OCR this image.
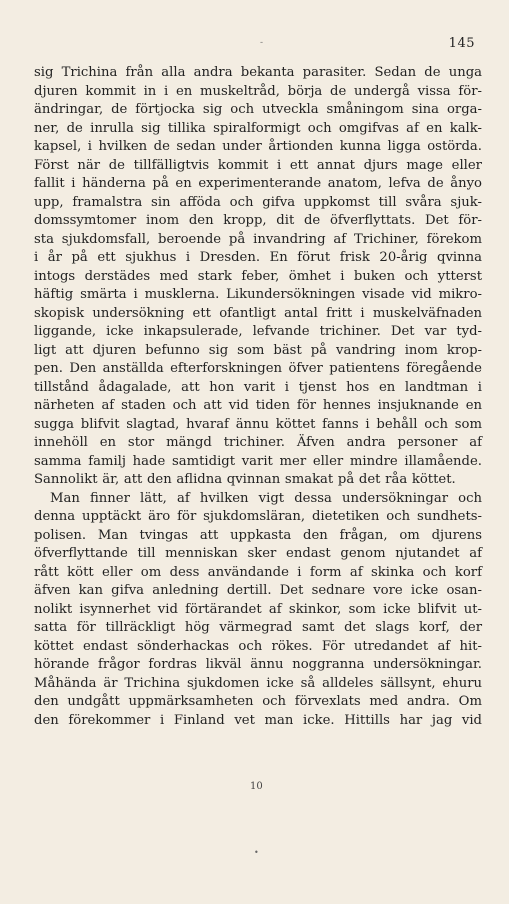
-	145
sig Trichina från alla andra bekanta parasiter. Sedan de unga
djuren kommit in i en muskeltråd, börja de undergå vissa för-
ändringar, de förtjocka sig och utveckla småningom sina orga-
ner, de inrulla sig tillika spiralformigt och omgifvas af en kalk-
kapsel, i hvilken de sedan under årtionden kunna ligga ostörda.
Först när de tillfälligtvis kommit i ett annat djurs mage eller
fallit i händerna på en experimenterande anatom, lefva de ånyo
upp, framalstra sin afföda och gifva uppkomst till svåra sjuk-
domssymtomer inom den kropp, dit de öfverflyttats. Det för-
sta sjukdomsfall, beroende på invandring af Trichiner, förekom
i år på ett sjukhus i Dresden. En förut frisk 20-årig qvinna
intogs derstädes med stark feber, ömhet i buken och ytterst
häftig smärta i musklerna. Likundersökningen visade vid mikro-
skopisk undersökning ett ofantligt antal fritt i muskelväfnaden
liggande, icke inkapsulerade, lefvande trichiner. Det var tyd-
ligt att djuren befunno sig som bäst på vandring inom krop-
pen. Den anställda efterforskningen öfver patientens föregående
tillstånd ådagalade, att hon varit i tjenst hos en landtman i
närheten af staden och att vid tiden för hennes insjuknande en
sugga blifvit slagtad, hvaraf ännu köttet fanns i behåll och som
innehöll en stor mängd trichiner. Äfven andra personer af
samma familj hade samtidigt varit mer eller mindre illamående.
Sannolikt är, att den aflidna qvinnan smakat på det råa köttet.
Man finner lätt, af hvilken vigt dessa undersökningar och
denna upptäckt äro för sjukdomsläran, dietetiken och sundhets-
polisen. Man tvingas att uppkasta den frågan, om djurens
öfverflyttande till menniskan sker endast genom njutandet af
rått kött eller om dess användande i form af skinka och korf
äfven kan gifva anledning dertill. Det sednare vore icke osan-
nolikt isynnerhet vid förtärandet af skinkor, som icke blifvit ut-
satta för tillräckligt hög värmegrad samt det slags korf, der
köttet endast sönderhackas och rökes. För utredandet af hit-
hörande frågor fordras likväl ännu noggranna undersökningar.
Måhända är Trichina sjukdomen icke så alldeles sällsynt, ehuru
den undgått uppmärksamheten och förvexlats med andra. Om
den förekommer i Finland vet man icke. Hittills har jag vid
10
•
